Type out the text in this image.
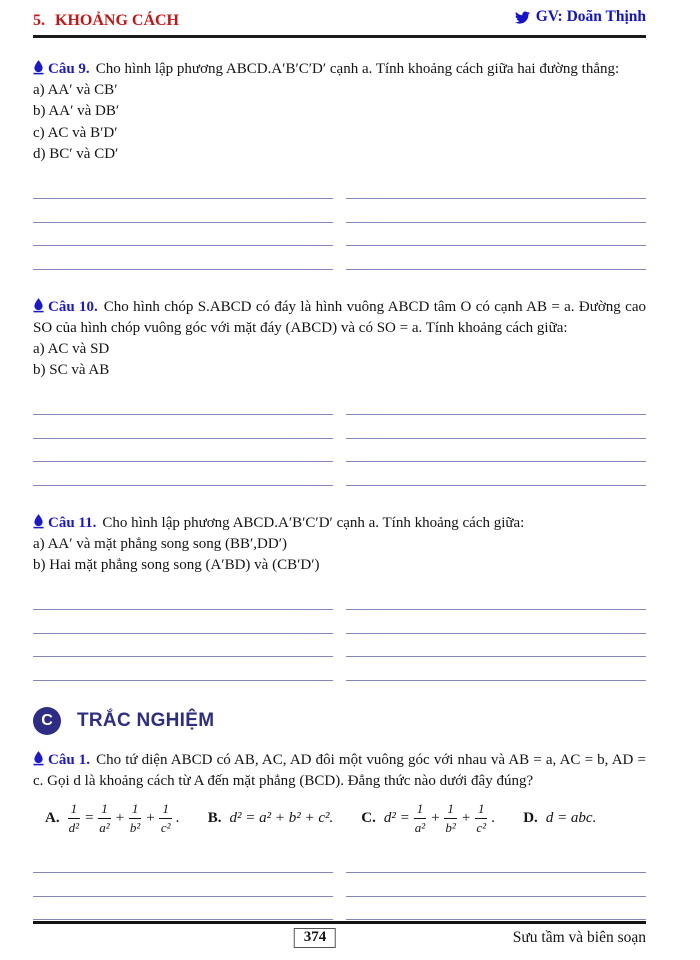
5. KHOẢNG CÁCH	GV: Doãn Thịnh
Câu 9. Cho hình lập phương ABCD.A′B′C′D′ cạnh a. Tính khoảng cách giữa hai đường thẳng:
a) AA′ và CB′
b) AA′ và DB′
c) AC và B′D′
d) BC′ và CD′
Câu 10. Cho hình chóp S.ABCD có đáy là hình vuông ABCD tâm O có cạnh AB = a. Đường cao SO của hình chóp vuông góc với mặt đáy (ABCD) và có SO = a. Tính khoảng cách giữa:
a) AC và SD
b) SC và AB
Câu 11. Cho hình lập phương ABCD.A′B′C′D′ cạnh a. Tính khoảng cách giữa:
a) AA′ và mặt phẳng song song (BB′,DD′)
b) Hai mặt phẳng song song (A′BD) và (CB′D′)
C TRẮC NGHIỆM
Câu 1. Cho tứ diện ABCD có AB, AC, AD đôi một vuông góc với nhau và AB = a, AC = b, AD = c. Gọi d là khoảng cách từ A đến mặt phẳng (BCD). Đẳng thức nào dưới đây đúng?
A. $\frac{1}{\text{d²}} = \frac{1}{\text{a²}} + \frac{1}{\text{b²}} + \frac{1}{\text{c²}}$ . B. d² = a² + b² + c². C. $d^2 = \frac{1}{\text{a²}} + \frac{1}{\text{b²}} + \frac{1}{\text{c²}}$ . D. d = abc.
374	Sưu tầm và biên soạn
